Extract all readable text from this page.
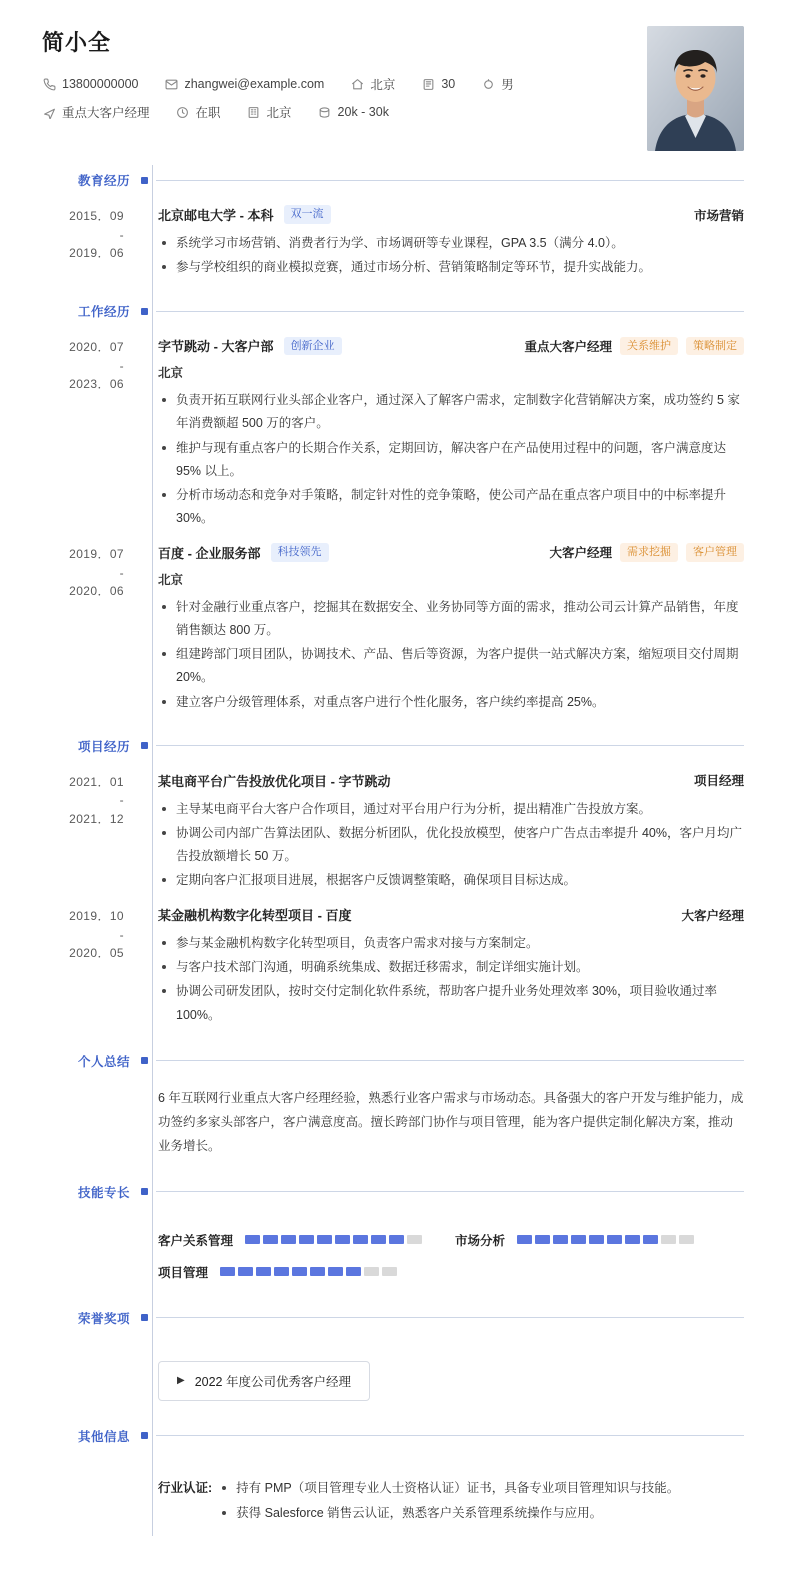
简小全
13800000000	zhangwei@example.com	北京	30	男
重点大客户经理	在职	北京	20k - 30k
教育经历
2015．09
-
2019．06
北京邮电大学 - 本科	双一流	市场营销
系统学习市场营销、消费者行为学、市场调研等专业课程，GPA 3.5（满分 4.0）。
参与学校组织的商业模拟竞赛，通过市场分析、营销策略制定等环节，提升实战能力。
工作经历
2020．07
-
2023．06
字节跳动 - 大客户部	创新企业	重点大客户经理	关系维护	策略制定
北京
负责开拓互联网行业头部企业客户，通过深入了解客户需求，定制数字化营销解决方案，成功签约 5 家年消费额超 500 万的客户。
维护与现有重点客户的长期合作关系，定期回访，解决客户在产品使用过程中的问题，客户满意度达 95% 以上。
分析市场动态和竞争对手策略，制定针对性的竞争策略，使公司产品在重点客户项目中的中标率提升 30%。
2019．07
-
2020．06
百度 - 企业服务部	科技领先	大客户经理	需求挖掘	客户管理
北京
针对金融行业重点客户，挖掘其在数据安全、业务协同等方面的需求，推动公司云计算产品销售，年度销售额达 800 万。
组建跨部门项目团队，协调技术、产品、售后等资源，为客户提供一站式解决方案，缩短项目交付周期 20%。
建立客户分级管理体系，对重点客户进行个性化服务，客户续约率提高 25%。
项目经历
2021．01
-
2021．12
某电商平台广告投放优化项目 - 字节跳动	项目经理
主导某电商平台大客户合作项目，通过对平台用户行为分析，提出精准广告投放方案。
协调公司内部广告算法团队、数据分析团队，优化投放模型，使客户广告点击率提升 40%，客户月均广告投放额增长 50 万。
定期向客户汇报项目进展，根据客户反馈调整策略，确保项目目标达成。
2019．10
-
2020．05
某金融机构数字化转型项目 - 百度	大客户经理
参与某金融机构数字化转型项目，负责客户需求对接与方案制定。
与客户技术部门沟通，明确系统集成、数据迁移需求，制定详细实施计划。
协调公司研发团队，按时交付定制化软件系统，帮助客户提升业务处理效率 30%，项目验收通过率 100%。
个人总结
6 年互联网行业重点大客户经理经验，熟悉行业客户需求与市场动态。具备强大的客户开发与维护能力，成功签约多家头部客户，客户满意度高。擅长跨部门协作与项目管理，能为客户提供定制化解决方案，推动业务增长。
技能专长
客户关系管理	市场分析
项目管理
荣誉奖项
▶ 2022 年度公司优秀客户经理
其他信息
行业认证:	持有 PMP（项目管理专业人士资格认证）证书，具备专业项目管理知识与技能。
获得 Salesforce 销售云认证，熟悉客户关系管理系统操作与应用。
